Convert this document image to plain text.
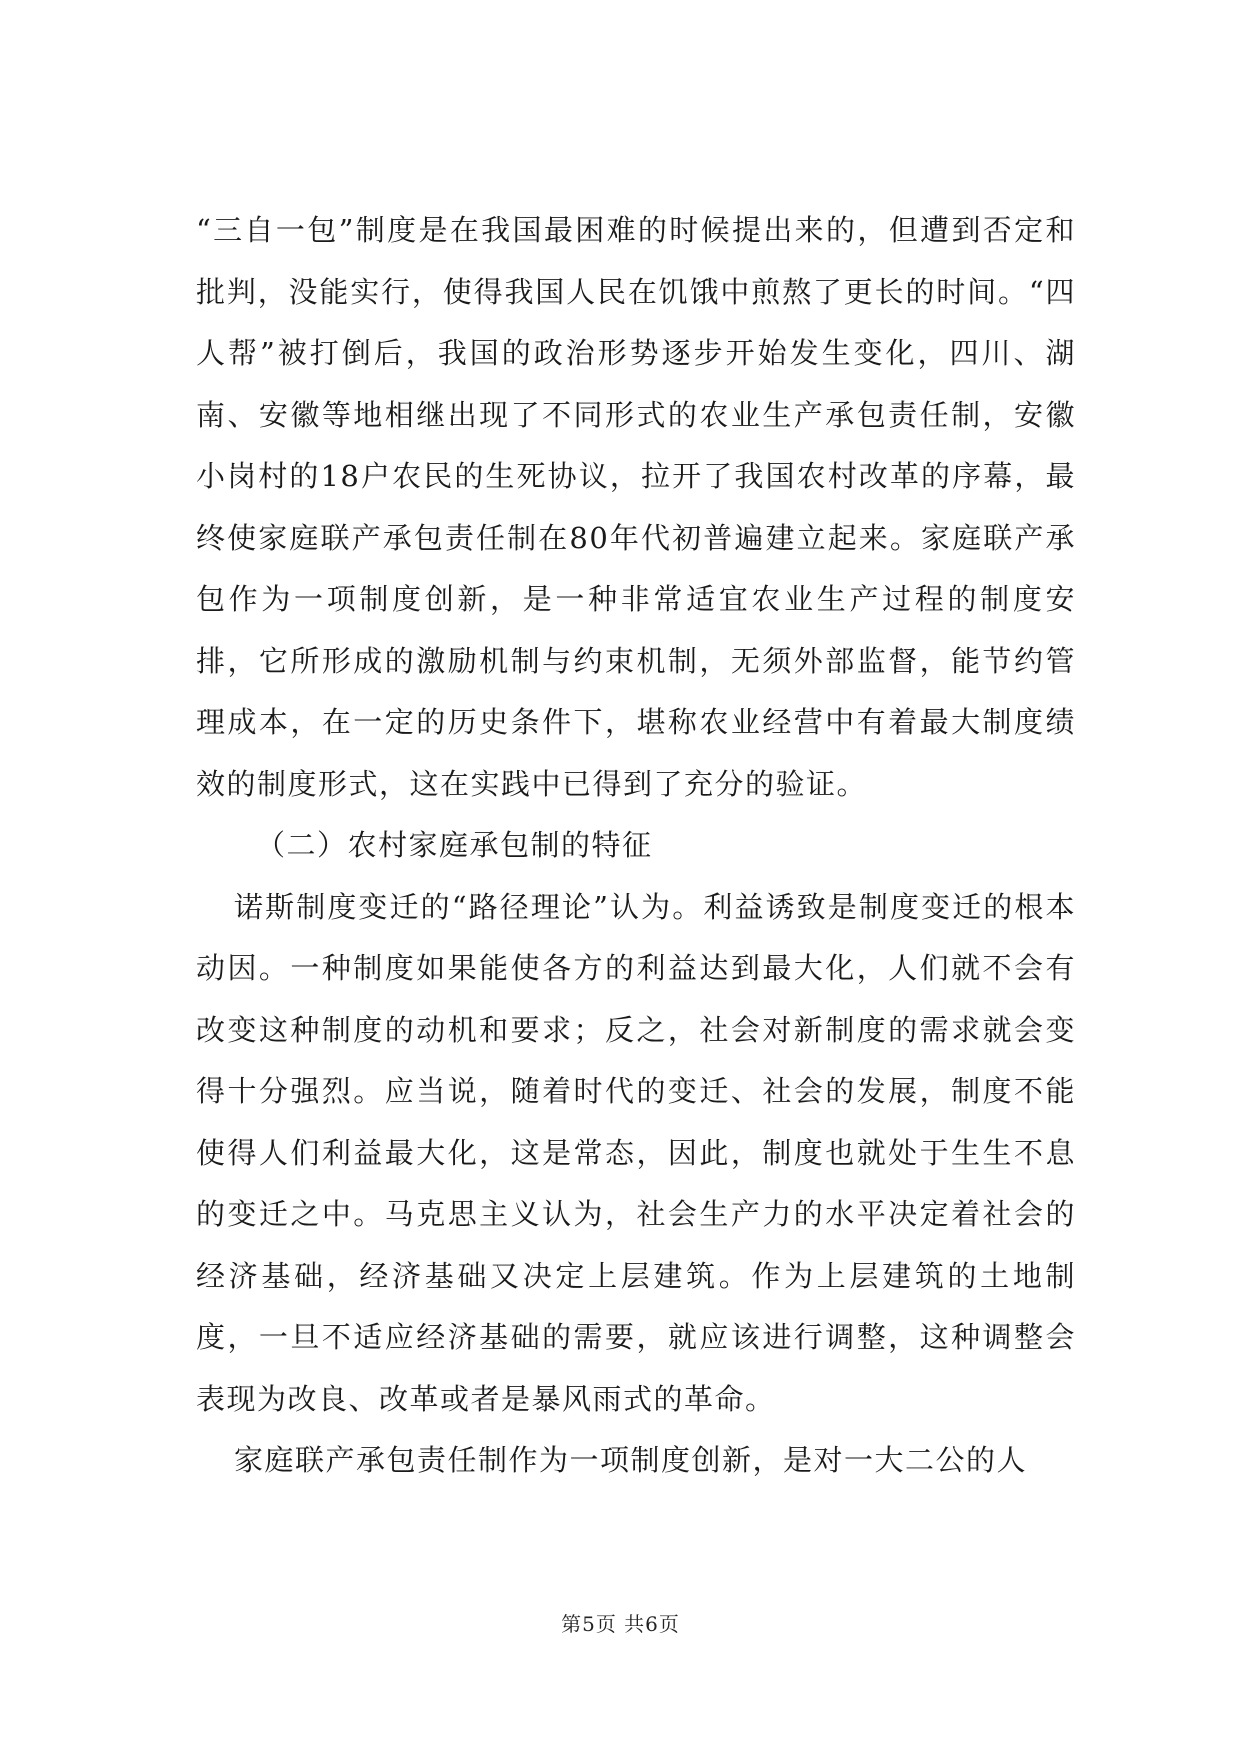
“三自一包”制度是在我国最困难的时候提出来的，但遭到否定和批判，没能实行，使得我国人民在饥饿中煎熬了更长的时间。“四人帮”被打倒后，我国的政治形势逐步开始发生变化，四川、湖南、安徽等地相继出现了不同形式的农业生产承包责任制，安徽小岗村的18户农民的生死协议，拉开了我国农村改革的序幕，最终使家庭联产承包责任制在80年代初普遍建立起来。家庭联产承包作为一项制度创新，是一种非常适宜农业生产过程的制度安排，它所形成的激励机制与约束机制，无须外部监督，能节约管理成本，在一定的历史条件下，堪称农业经营中有着最大制度绩效的制度形式，这在实践中已得到了充分的验证。

（二）农村家庭承包制的特征

诺斯制度变迁的“路径理论”认为。利益诱致是制度变迁的根本动因。一种制度如果能使各方的利益达到最大化，人们就不会有改变这种制度的动机和要求；反之，社会对新制度的需求就会变得十分强烈。应当说，随着时代的变迁、社会的发展，制度不能使得人们利益最大化，这是常态，因此，制度也就处于生生不息的变迁之中。马克思主义认为，社会生产力的水平决定着社会的经济基础，经济基础又决定上层建筑。作为上层建筑的土地制度，一旦不适应经济基础的需要，就应该进行调整，这种调整会表现为改良、改革或者是暴风雨式的革命。

家庭联产承包责任制作为一项制度创新，是对一大二公的人

第5页 共6页
